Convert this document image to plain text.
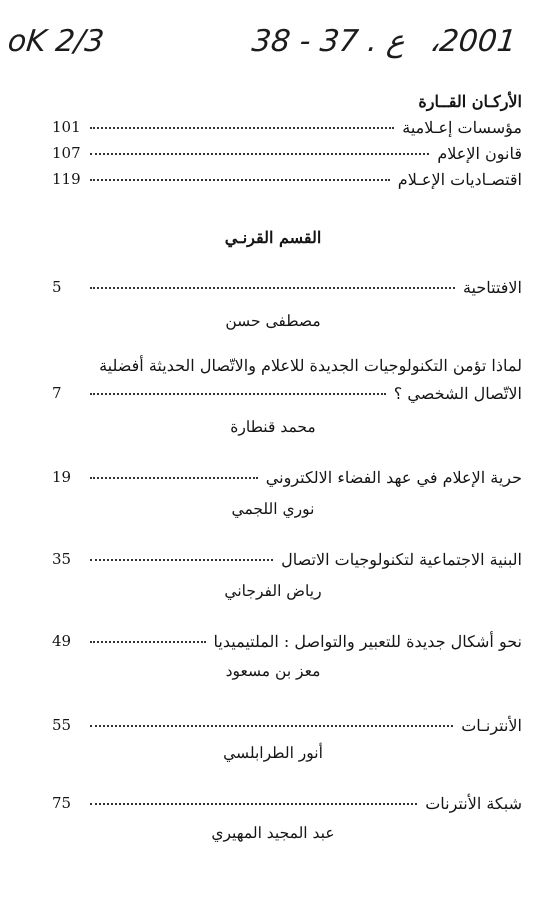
oK 2/3	38 - 37 . ع ،2001
الأركـان القــارة
مؤسسات إعـلامية
101
قانون الإعلام
107
اقتصـاديات الإعـلام
119
القسم القرنـي
الافتتاحية
5
مصطفى حسن
لماذا تؤمن التكنولوجيات الجديدة للاعلام والاتّصال الحديثة أفضلية
الاتّصال الشخصي ؟
7
محمد قنطارة
حرية الإعلام في عهد الفضاء الالكتروني
19
نوري اللجمي
البنية الاجتماعية لتكنولوجيات الاتصال
35
رياض الفرجاني
نحو أشكال جديدة للتعبير والتواصل : الملتيميديا
49
معز بن مسعود
الأنترنـات
55
أنور الطرابلسي
شبكة الأنترنات
75
عبد المجيد المهيري
